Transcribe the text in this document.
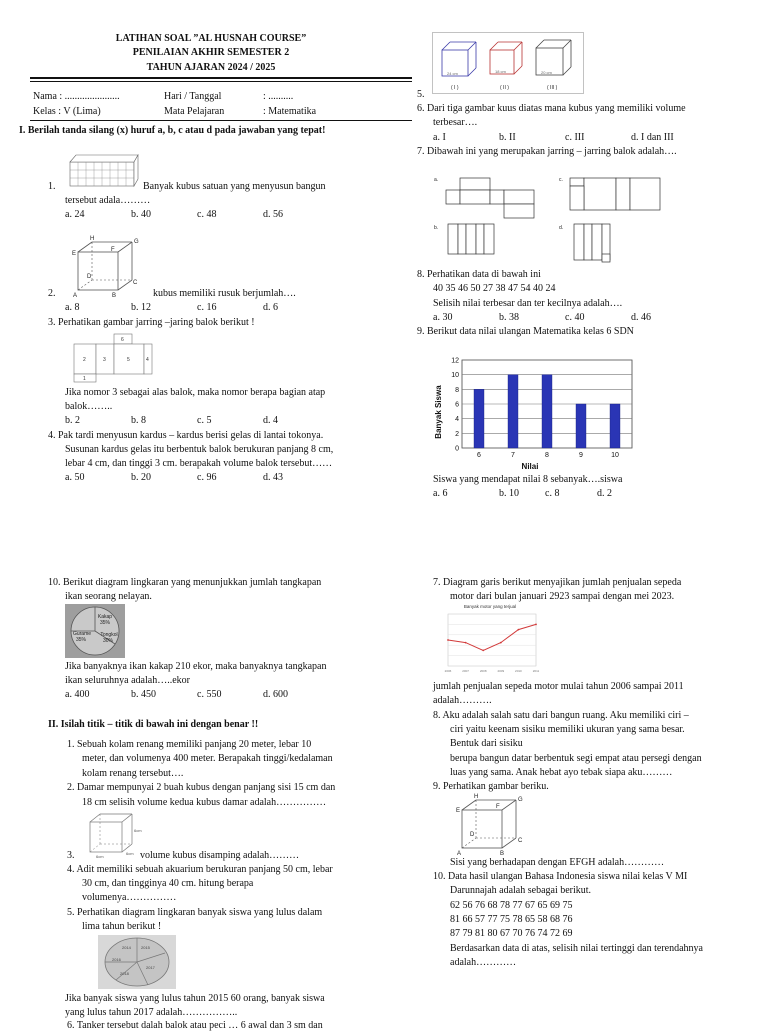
LATIHAN SOAL ”AL HUSNAH COURSE”
PENILAIAN AKHIR SEMESTER 2
TAHUN AJARAN 2024 / 2025
Nama : ......................	Hari / Tanggal	: ..........
Kelas : V (Lima)	Mata Pelajaran	: Matematika
I. Berilah tanda silang (x) huruf a, b, c atau d pada jawaban yang tepat!
1.	Banyak kubus satuan yang menyusun bangun
tersebut adala………
a. 24	b. 40	c. 48	d. 56
E
F
G
H
A	B
C
D
2.	kubus memiliki rusuk berjumlah….
a. 8	b. 12	c. 16	d. 6
3. Perhatikan gambar jarring –jaring balok berikut !
6
2	3	5	4
1
Jika nomor 3 sebagai alas balok, maka nomor berapa bagian atap
balok……..
b. 2	b. 8	c. 5	d. 4
4. Pak tardi menyusun kardus – kardus berisi gelas di lantai tokonya.
Susunan kardus gelas itu berbentuk balok berukuran panjang 8 cm,
lebar 4 cm, dan tinggi 3 cm. berapakah volume balok tersebut……
a. 50	b. 20	c. 96	d. 43
24 cm	18 cm	20 cm
( I )	( II )	( III )
5.
6. Dari tiga gambar kuus diatas mana kubus yang memiliki volume
terbesar….
a. I	b. II	c. III	d. I dan III
7. Dibawah ini yang merupakan jarring – jarring balok adalah….
a.
b.
c.
d.
8. Perhatikan data di bawah ini
40 35 46 50 27 38 47 54 40 24
Selisih nilai terbesar dan ter kecilnya adalah….
a. 30	b. 38	c. 40	d. 46
9. Berikut data nilai ulangan Matematika kelas 6 SDN
Banyak Siswa
Nilai
0
2
4
6
8
10
12
6	7	8	9	10
Siswa yang mendapat nilai 8 sebanyak….siswa
a. 6	b. 10	c. 8	d. 2
10. Berikut diagram lingkaran yang menunjukkan jumlah tangkapan
ikan seorang nelayan.
Kakap
35%
Gurame
35%
Tongkol
30%
Jika banyaknya ikan kakap 210 ekor, maka banyaknya tangkapan
ikan seluruhnya adalah…..ekor
a. 400	b. 450	c. 550	d. 600
II. Isilah titik – titik di bawah ini dengan benar !!
1. Sebuah kolam renang memiliki panjang 20 meter, lebar 10
meter, dan volumenya 400 meter. Berapakah tinggi/kedalaman
kolam renang tersebut….
2. Damar mempunyai 2 buah kubus dengan panjang sisi 15 cm dan
18 cm selisih volume kedua kubus damar adalah……………
6cm
6cm
6cm
3.	volume kubus disamping adalah………
4. Adit memiliki sebuah akuarium berukuran panjang 50 cm, lebar
30 cm, dan tingginya 40 cm. hitung berapa
volumenya……………
5. Perhatikan diagram lingkaran banyak siswa yang lulus dalam
lima tahun berikut !
2014	2015
2016
2017
2018
Jika banyak siswa yang lulus tahun 2015 60 orang, banyak siswa
yang lulus tahun 2017 adalah……………..
6. Tanker tersebut dalah balok atau peci … 6 awal dan 3 sm dan
7. Diagram garis berikut menyajikan jumlah penjualan sepeda
motor dari bulan januari 2923 sampai dengan mei 2023.
Banyak motor yang terjual
2006	2007	2008	2009	2010	2011
jumlah penjualan sepeda motor mulai tahun 2006 sampai 2011
adalah……….
8. Aku adalah salah satu dari bangun ruang. Aku memiliki ciri –
ciri yaitu keenam sisiku memiliki ukuran yang sama besar.
Bentuk dari sisiku
berupa bangun datar berbentuk segi empat atau persegi dengan
luas yang sama. Anak hebat ayo tebak siapa aku………
9. Perhatikan gambar beriku.
E
F
G
H
A	B
C
D
Sisi yang berhadapan dengan EFGH adalah…………
10. Data hasil ulangan Bahasa Indonesia siswa nilai kelas V MI
Darunnajah adalah sebagai berikut.
62 56 76 68 78 77 67 65 69 75
81 66 57 77 75 78 65 58 68 76
87 79 81 80 67 70 76 74 72 69
Berdasarkan data di atas, selisih nilai tertinggi dan terendahnya
adalah…………
